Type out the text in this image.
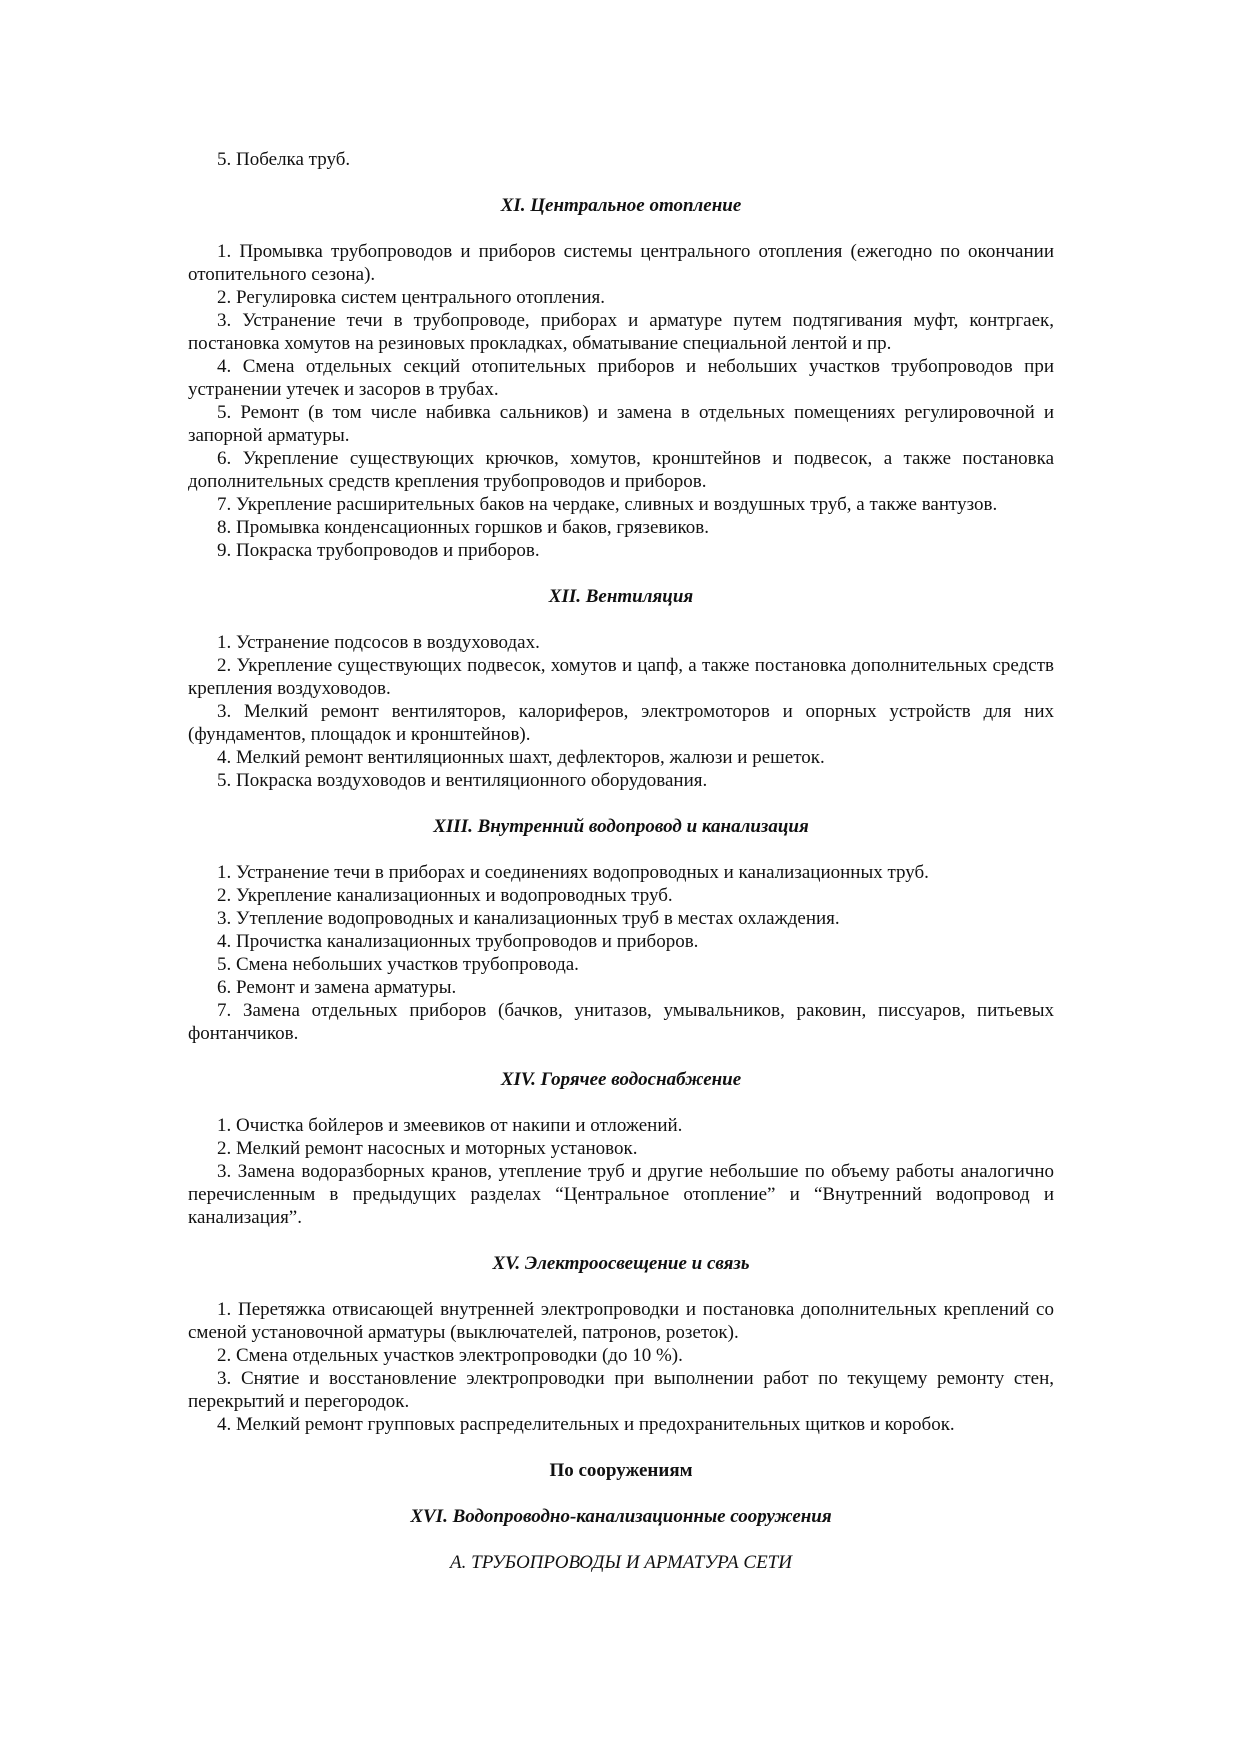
5. Побелка труб.

XI. Центральное отопление

1. Промывка трубопроводов и приборов системы центрального отопления (ежегодно по окончании отопительного сезона).

2. Регулировка систем центрального отопления.

3. Устранение течи в трубопроводе, приборах и арматуре путем подтягивания муфт, контргаек, постановка хомутов на резиновых прокладках, обматывание специальной лентой и пр.

4. Смена отдельных секций отопительных приборов и небольших участков трубопроводов при устранении утечек и засоров в трубах.

5. Ремонт (в том числе набивка сальников) и замена в отдельных помещениях регулировочной и запорной арматуры.

6. Укрепление существующих крючков, хомутов, кронштейнов и подвесок, а также постановка дополнительных средств крепления трубопроводов и приборов.

7. Укрепление расширительных баков на чердаке, сливных и воздушных труб, а также вантузов.

8. Промывка конденсационных горшков и баков, грязевиков.

9. Покраска трубопроводов и приборов.

XII. Вентиляция

1. Устранение подсосов в воздуховодах.

2. Укрепление существующих подвесок, хомутов и цапф, а также постановка дополнительных средств крепления воздуховодов.

3. Мелкий ремонт вентиляторов, калориферов, электромоторов и опорных устройств для них (фундаментов, площадок и кронштейнов).

4. Мелкий ремонт вентиляционных шахт, дефлекторов, жалюзи и решеток.

5. Покраска воздуховодов и вентиляционного оборудования.

XIII. Внутренний водопровод и канализация

1. Устранение течи в приборах и соединениях водопроводных и канализационных труб.

2. Укрепление канализационных и водопроводных труб.

3. Утепление водопроводных и канализационных труб в местах охлаждения.

4. Прочистка канализационных трубопроводов и приборов.

5. Смена небольших участков трубопровода.

6. Ремонт и замена арматуры.

7. Замена отдельных приборов (бачков, унитазов, умывальников, раковин, писсуаров, питьевых фонтанчиков.

XIV. Горячее водоснабжение

1. Очистка бойлеров и змеевиков от накипи и отложений.

2. Мелкий ремонт насосных и моторных установок.

3. Замена водоразборных кранов, утепление труб и другие небольшие по объему работы аналогично перечисленным в предыдущих разделах “Центральное отопление” и “Внутренний водопровод и канализация”.

XV. Электроосвещение и связь

1. Перетяжка отвисающей внутренней электропроводки и постановка дополнительных креплений со сменой установочной арматуры (выключателей, патронов, розеток).

2. Смена отдельных участков электропроводки (до 10 %).

3. Снятие и восстановление электропроводки при выполнении работ по текущему ремонту стен, перекрытий и перегородок.

4. Мелкий ремонт групповых распределительных и предохранительных щитков и коробок.

По сооружениям

XVI. Водопроводно-канализационные сооружения

А. ТРУБОПРОВОДЫ И АРМАТУРА СЕТИ
